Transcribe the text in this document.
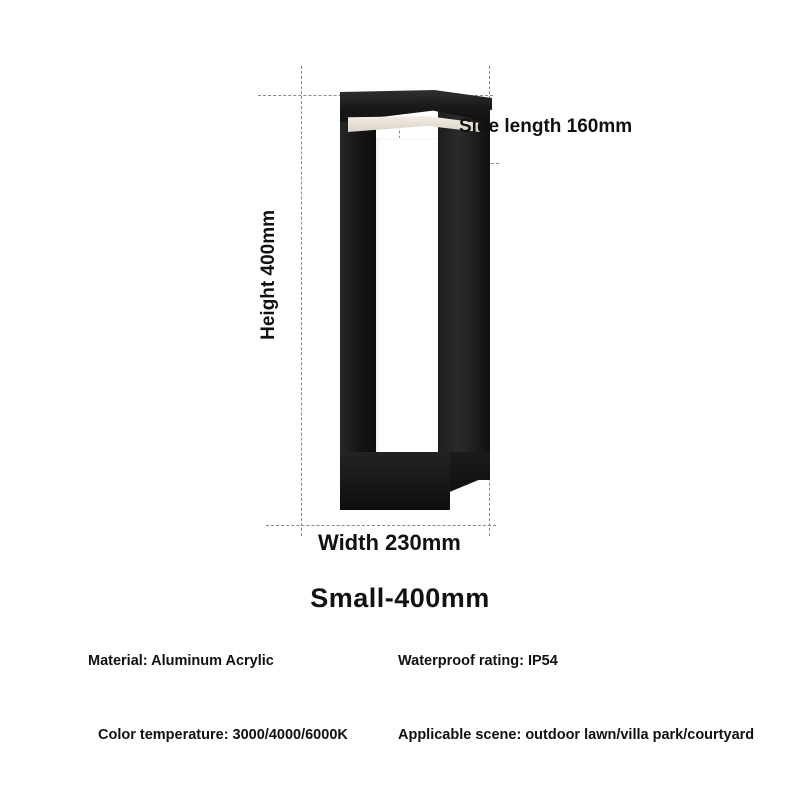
Side length 160mm
Height 400mm
Width 230mm
Small-400mm
Material: Aluminum Acrylic	Waterproof rating: IP54
Color temperature: 3000/4000/6000K	Applicable scene: outdoor lawn/villa park/courtyard
